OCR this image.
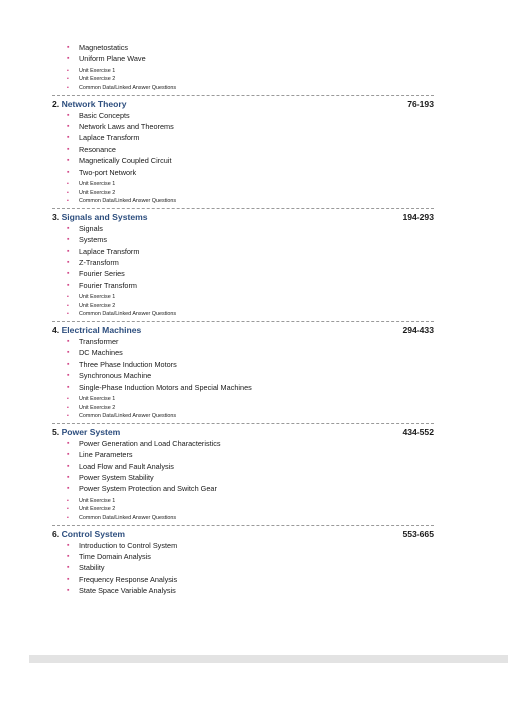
▪ Magnetostatics
▪ Uniform Plane Wave
▪ Unit Exercise 1
▪ Unit Exercise 2
▪ Common Data/Linked Answer Questions
2. Network Theory	76-193
▪ Basic Concepts
▪ Network Laws and Theorems
▪ Laplace Transform
▪ Resonance
▪ Magnetically Coupled Circuit
▪ Two-port Network
▪ Unit Exercise 1
▪ Unit Exercise 2
▪ Common Data/Linked Answer Questions
3. Signals and Systems	194-293
▪ Signals
▪ Systems
▪ Laplace Transform
▪ Z-Transform
▪ Fourier Series
▪ Fourier Transform
▪ Unit Exercise 1
▪ Unit Exercise 2
▪ Common Data/Linked Answer Questions
4. Electrical Machines	294-433
▪ Transformer
▪ DC Machines
▪ Three Phase Induction Motors
▪ Synchronous Machine
▪ Single-Phase Induction Motors and Special Machines
▪ Unit Exercise 1
▪ Unit Exercise 2
▪ Common Data/Linked Answer Questions
5. Power System	434-552
▪ Power Generation and Load Characteristics
▪ Line Parameters
▪ Load Flow and Fault Analysis
▪ Power System Stability
▪ Power System Protection and Switch Gear
▪ Unit Exercise 1
▪ Unit Exercise 2
▪ Common Data/Linked Answer Questions
6. Control System	553-665
▪ Introduction to Control System
▪ Time Domain Analysis
▪ Stability
▪ Frequency Response Analysis
▪ State Space Variable Analysis
